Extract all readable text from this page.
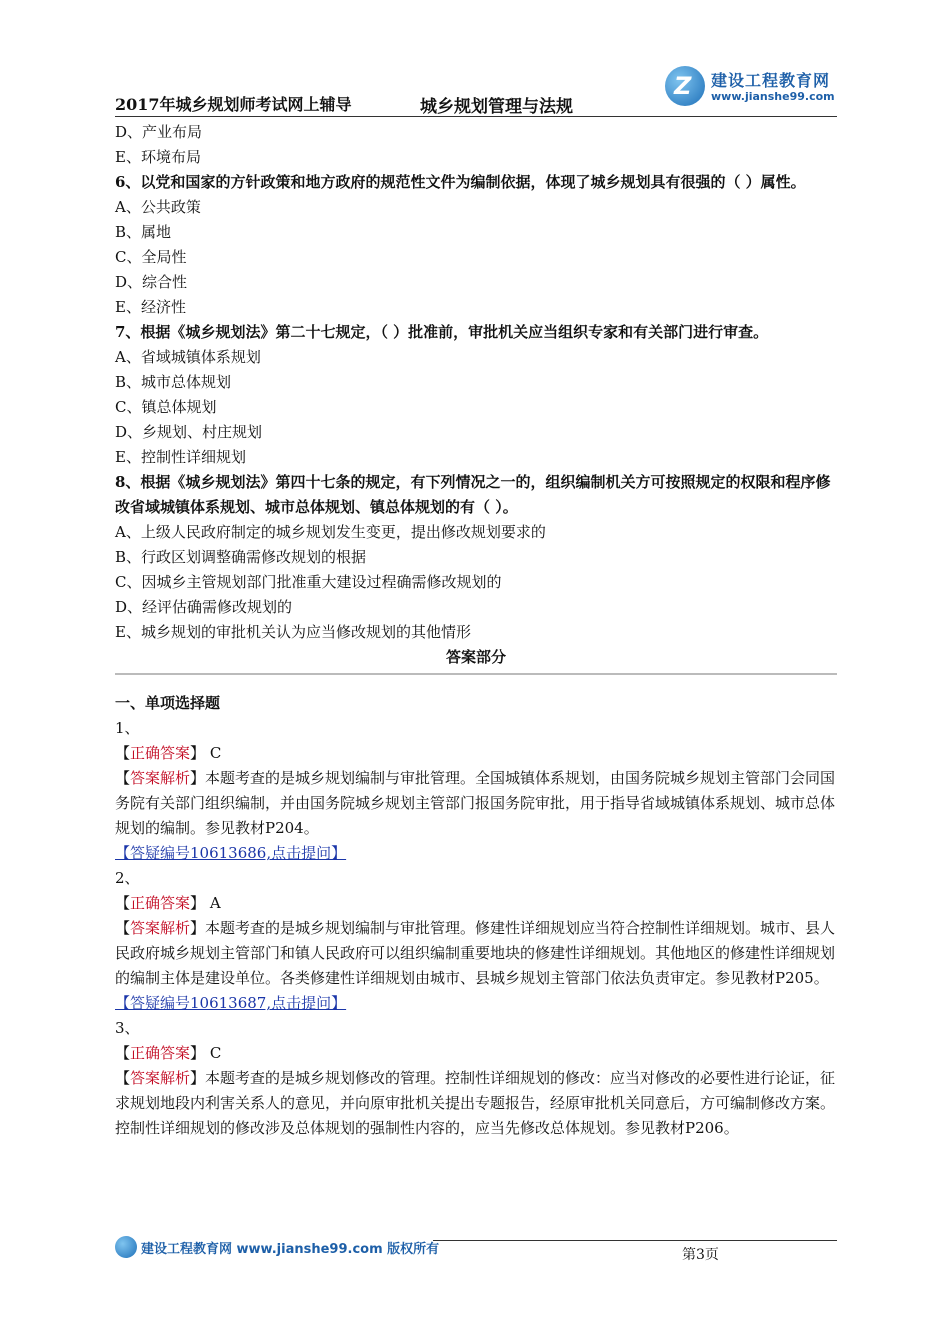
2017年城乡规划师考试网上辅导	城乡规划管理与法规
Z 建设工程教育网
www.jianshe99.com
D、产业布局
E、环境布局
6、以党和国家的方针政策和地方政府的规范性文件为编制依据，体现了城乡规划具有很强的（ ）属性。
A、公共政策
B、属地
C、全局性
D、综合性
E、经济性
7、根据《城乡规划法》第二十七规定，（ ）批准前，审批机关应当组织专家和有关部门进行审查。
A、省域城镇体系规划
B、城市总体规划
C、镇总体规划
D、乡规划、村庄规划
E、控制性详细规划
8、根据《城乡规划法》第四十七条的规定，有下列情况之一的，组织编制机关方可按照规定的权限和程序修改省域城镇体系规划、城市总体规划、镇总体规划的有（ ）。
A、上级人民政府制定的城乡规划发生变更，提出修改规划要求的
B、行政区划调整确需修改规划的根据
C、因城乡主管规划部门批准重大建设过程确需修改规划的
D、经评估确需修改规划的
E、城乡规划的审批机关认为应当修改规划的其他情形
答案部分
一、单项选择题
1、
【正确答案】 C
【答案解析】本题考查的是城乡规划编制与审批管理。全国城镇体系规划，由国务院城乡规划主管部门会同国务院有关部门组织编制，并由国务院城乡规划主管部门报国务院审批，用于指导省域城镇体系规划、城市总体规划的编制。参见教材P204。
【答疑编号10613686,点击提问】
2、
【正确答案】 A
【答案解析】本题考查的是城乡规划编制与审批管理。修建性详细规划应当符合控制性详细规划。城市、县人民政府城乡规划主管部门和镇人民政府可以组织编制重要地块的修建性详细规划。其他地区的修建性详细规划的编制主体是建设单位。各类修建性详细规划由城市、县城乡规划主管部门依法负责审定。参见教材P205。
【答疑编号10613687,点击提问】
3、
【正确答案】 C
【答案解析】本题考查的是城乡规划修改的管理。控制性详细规划的修改：应当对修改的必要性进行论证，征求规划地段内利害关系人的意见，并向原审批机关提出专题报告，经原审批机关同意后，方可编制修改方案。控制性详细规划的修改涉及总体规划的强制性内容的，应当先修改总体规划。参见教材P206。
建设工程教育网 www.jianshe99.com 版权所有	第3页
